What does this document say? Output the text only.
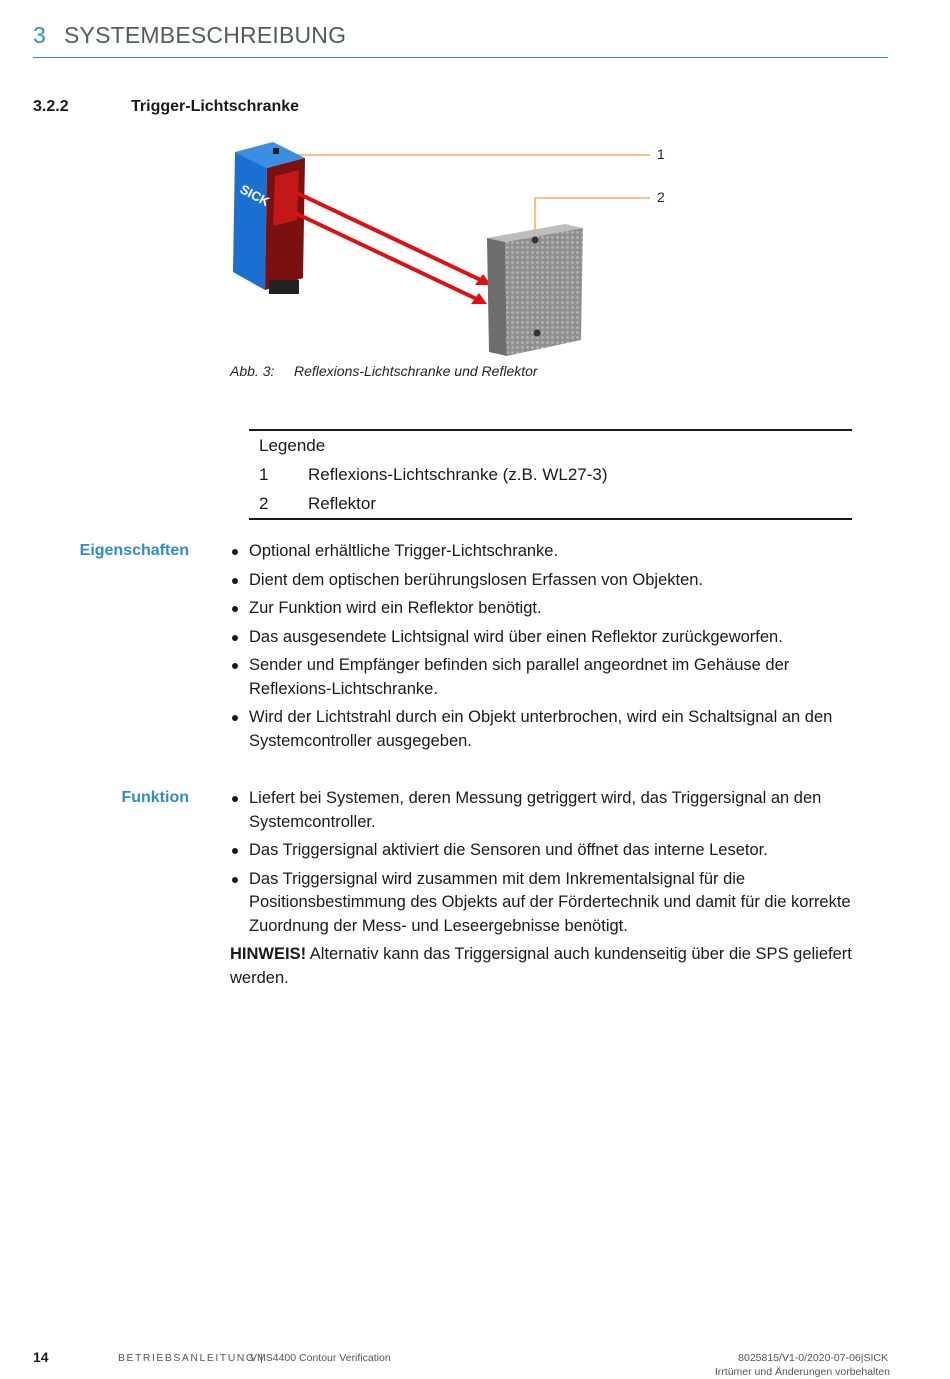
3 SYSTEMBESCHREIBUNG
3.2.2	Trigger-Lichtschranke
1
2
SICK
Abb. 3: Reflexions-Lichtschranke und Reflektor
Legende
1 Reflexions-Lichtschranke (z.B. WL27-3)
2 Reflektor
Eigenschaften	Optional erhältliche Trigger-Lichtschranke.
Dient dem optischen berührungslosen Erfassen von Objekten.
Zur Funktion wird ein Reflektor benötigt.
Das ausgesendete Lichtsignal wird über einen Reflektor zurückgeworfen.
Sender und Empfänger befinden sich parallel angeordnet im Gehäuse der Reflexions-Lichtschranke.
Wird der Lichtstrahl durch ein Objekt unterbrochen, wird ein Schaltsignal an den Systemcontroller ausgegeben.
Funktion	Liefert bei Systemen, deren Messung getriggert wird, das Triggersignal an den Systemcontroller.
Das Triggersignal aktiviert die Sensoren und öffnet das interne Lesetor.
Das Triggersignal wird zusammen mit dem Inkrementalsignal für die Positionsbestimmung des Objekts auf der Fördertechnik und damit für die korrekte Zuordnung der Mess- und Leseergebnisse benötigt.
HINWEIS! Alternativ kann das Triggersignal auch kundenseitig über die SPS geliefert werden.
14	BETRIEBSANLEITUNG |
VMS4400 Contour Verification	8025815/V1-0/2020-07-06|SICK
Irrtümer und Änderungen vorbehalten
